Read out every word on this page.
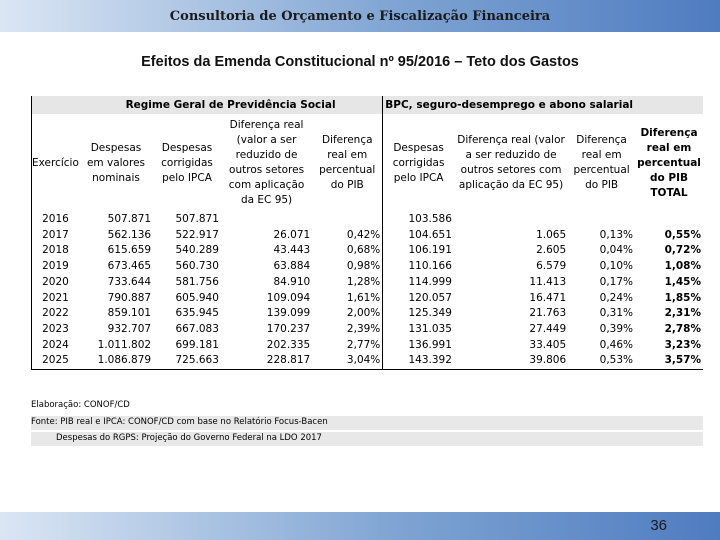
Consultoria de Orçamento e Fiscalização Financeira
Efeitos da Emenda Constitucional nº 95/2016 – Teto dos Gastos
	Regime Geral de Previdência Social				BPC, seguro-desemprego e abono salarial			
Exercício	Despesas em valores nominais	Despesas corrigidas pelo IPCA	Diferença real (valor a ser reduzido de outros setores com aplicação da EC 95)	Diferença real em percentual do PIB	Despesas corrigidas pelo IPCA	Diferença real (valor a ser reduzido de outros setores com aplicação da EC 95)	Diferença real em percentual do PIB	Diferença real em percentual do PIB TOTAL
2016	507.871	507.871			103.586			
2017	562.136	522.917	26.071	0,42%	104.651	1.065	0,13%	0,55%
2018	615.659	540.289	43.443	0,68%	106.191	2.605	0,04%	0,72%
2019	673.465	560.730	63.884	0,98%	110.166	6.579	0,10%	1,08%
2020	733.644	581.756	84.910	1,28%	114.999	11.413	0,17%	1,45%
2021	790.887	605.940	109.094	1,61%	120.057	16.471	0,24%	1,85%
2022	859.101	635.945	139.099	2,00%	125.349	21.763	0,31%	2,31%
2023	932.707	667.083	170.237	2,39%	131.035	27.449	0,39%	2,78%
2024	1.011.802	699.181	202.335	2,77%	136.991	33.405	0,46%	3,23%
2025	1.086.879	725.663	228.817	3,04%	143.392	39.806	0,53%	3,57%
Elaboração: CONOF/CD
Fonte: PIB real e IPCA: CONOF/CD com base no Relatório Focus-Bacen
Despesas do RGPS: Projeção do Governo Federal na LDO 2017
36
